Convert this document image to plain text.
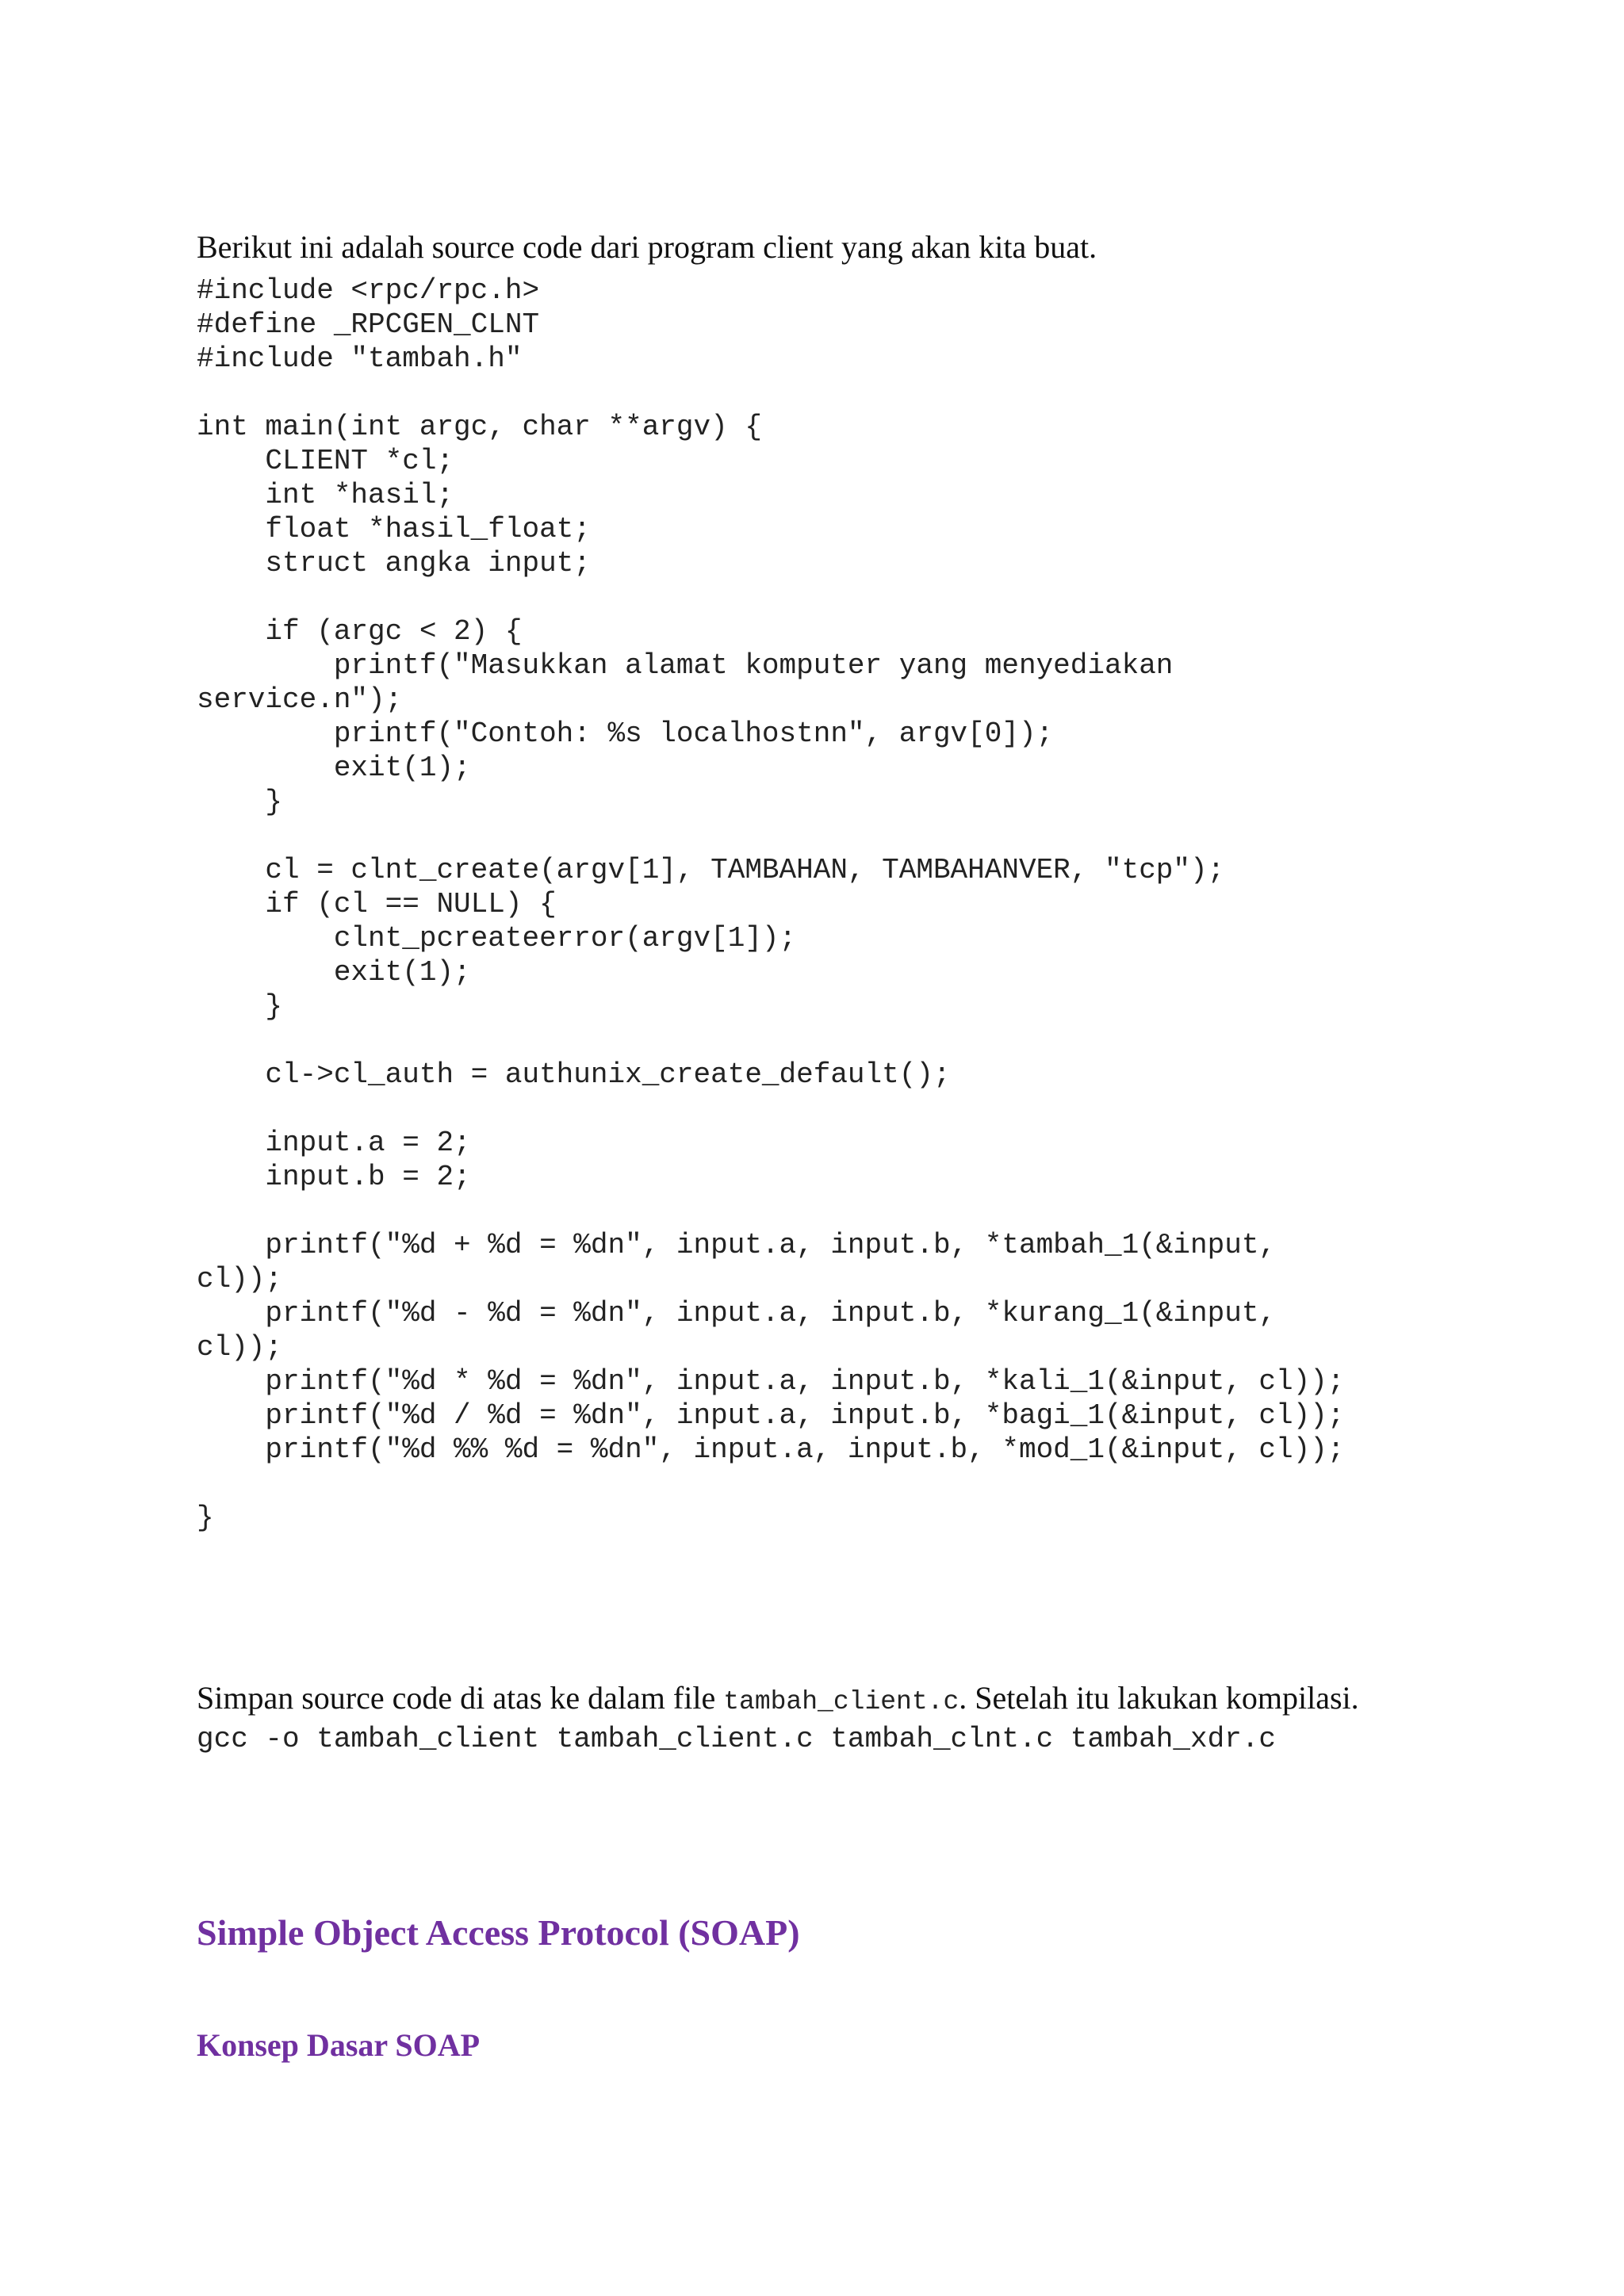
Berikut ini adalah source code dari program client yang akan kita buat.

#include <rpc/rpc.h>
#define _RPCGEN_CLNT
#include "tambah.h"
int main(int argc, char **argv) {
CLIENT *cl;
int *hasil;
float *hasil_float;
struct angka input;
if (argc < 2) {
printf("Masukkan alamat komputer yang menyediakan
service.n");
printf("Contoh: %s localhostnn", argv[0]);
exit(1);
}
cl = clnt_create(argv[1], TAMBAHAN, TAMBAHANVER, "tcp");
if (cl == NULL) {
clnt_pcreateerror(argv[1]);
exit(1);
}
cl->cl_auth = authunix_create_default();
input.a = 2;
input.b = 2;
printf("%d + %d = %dn", input.a, input.b, *tambah_1(&input,
cl));
printf("%d - %d = %dn", input.a, input.b, *kurang_1(&input,
cl));
printf("%d * %d = %dn", input.a, input.b, *kali_1(&input, cl));
printf("%d / %d = %dn", input.a, input.b, *bagi_1(&input, cl));
printf("%d %% %d = %dn", input.a, input.b, *mod_1(&input, cl));
}

Simpan source code di atas ke dalam file tambah_client.c. Setelah itu lakukan kompilasi.

gcc -o tambah_client tambah_client.c tambah_clnt.c tambah_xdr.c
Simple Object Access Protocol (SOAP)
Konsep Dasar SOAP
